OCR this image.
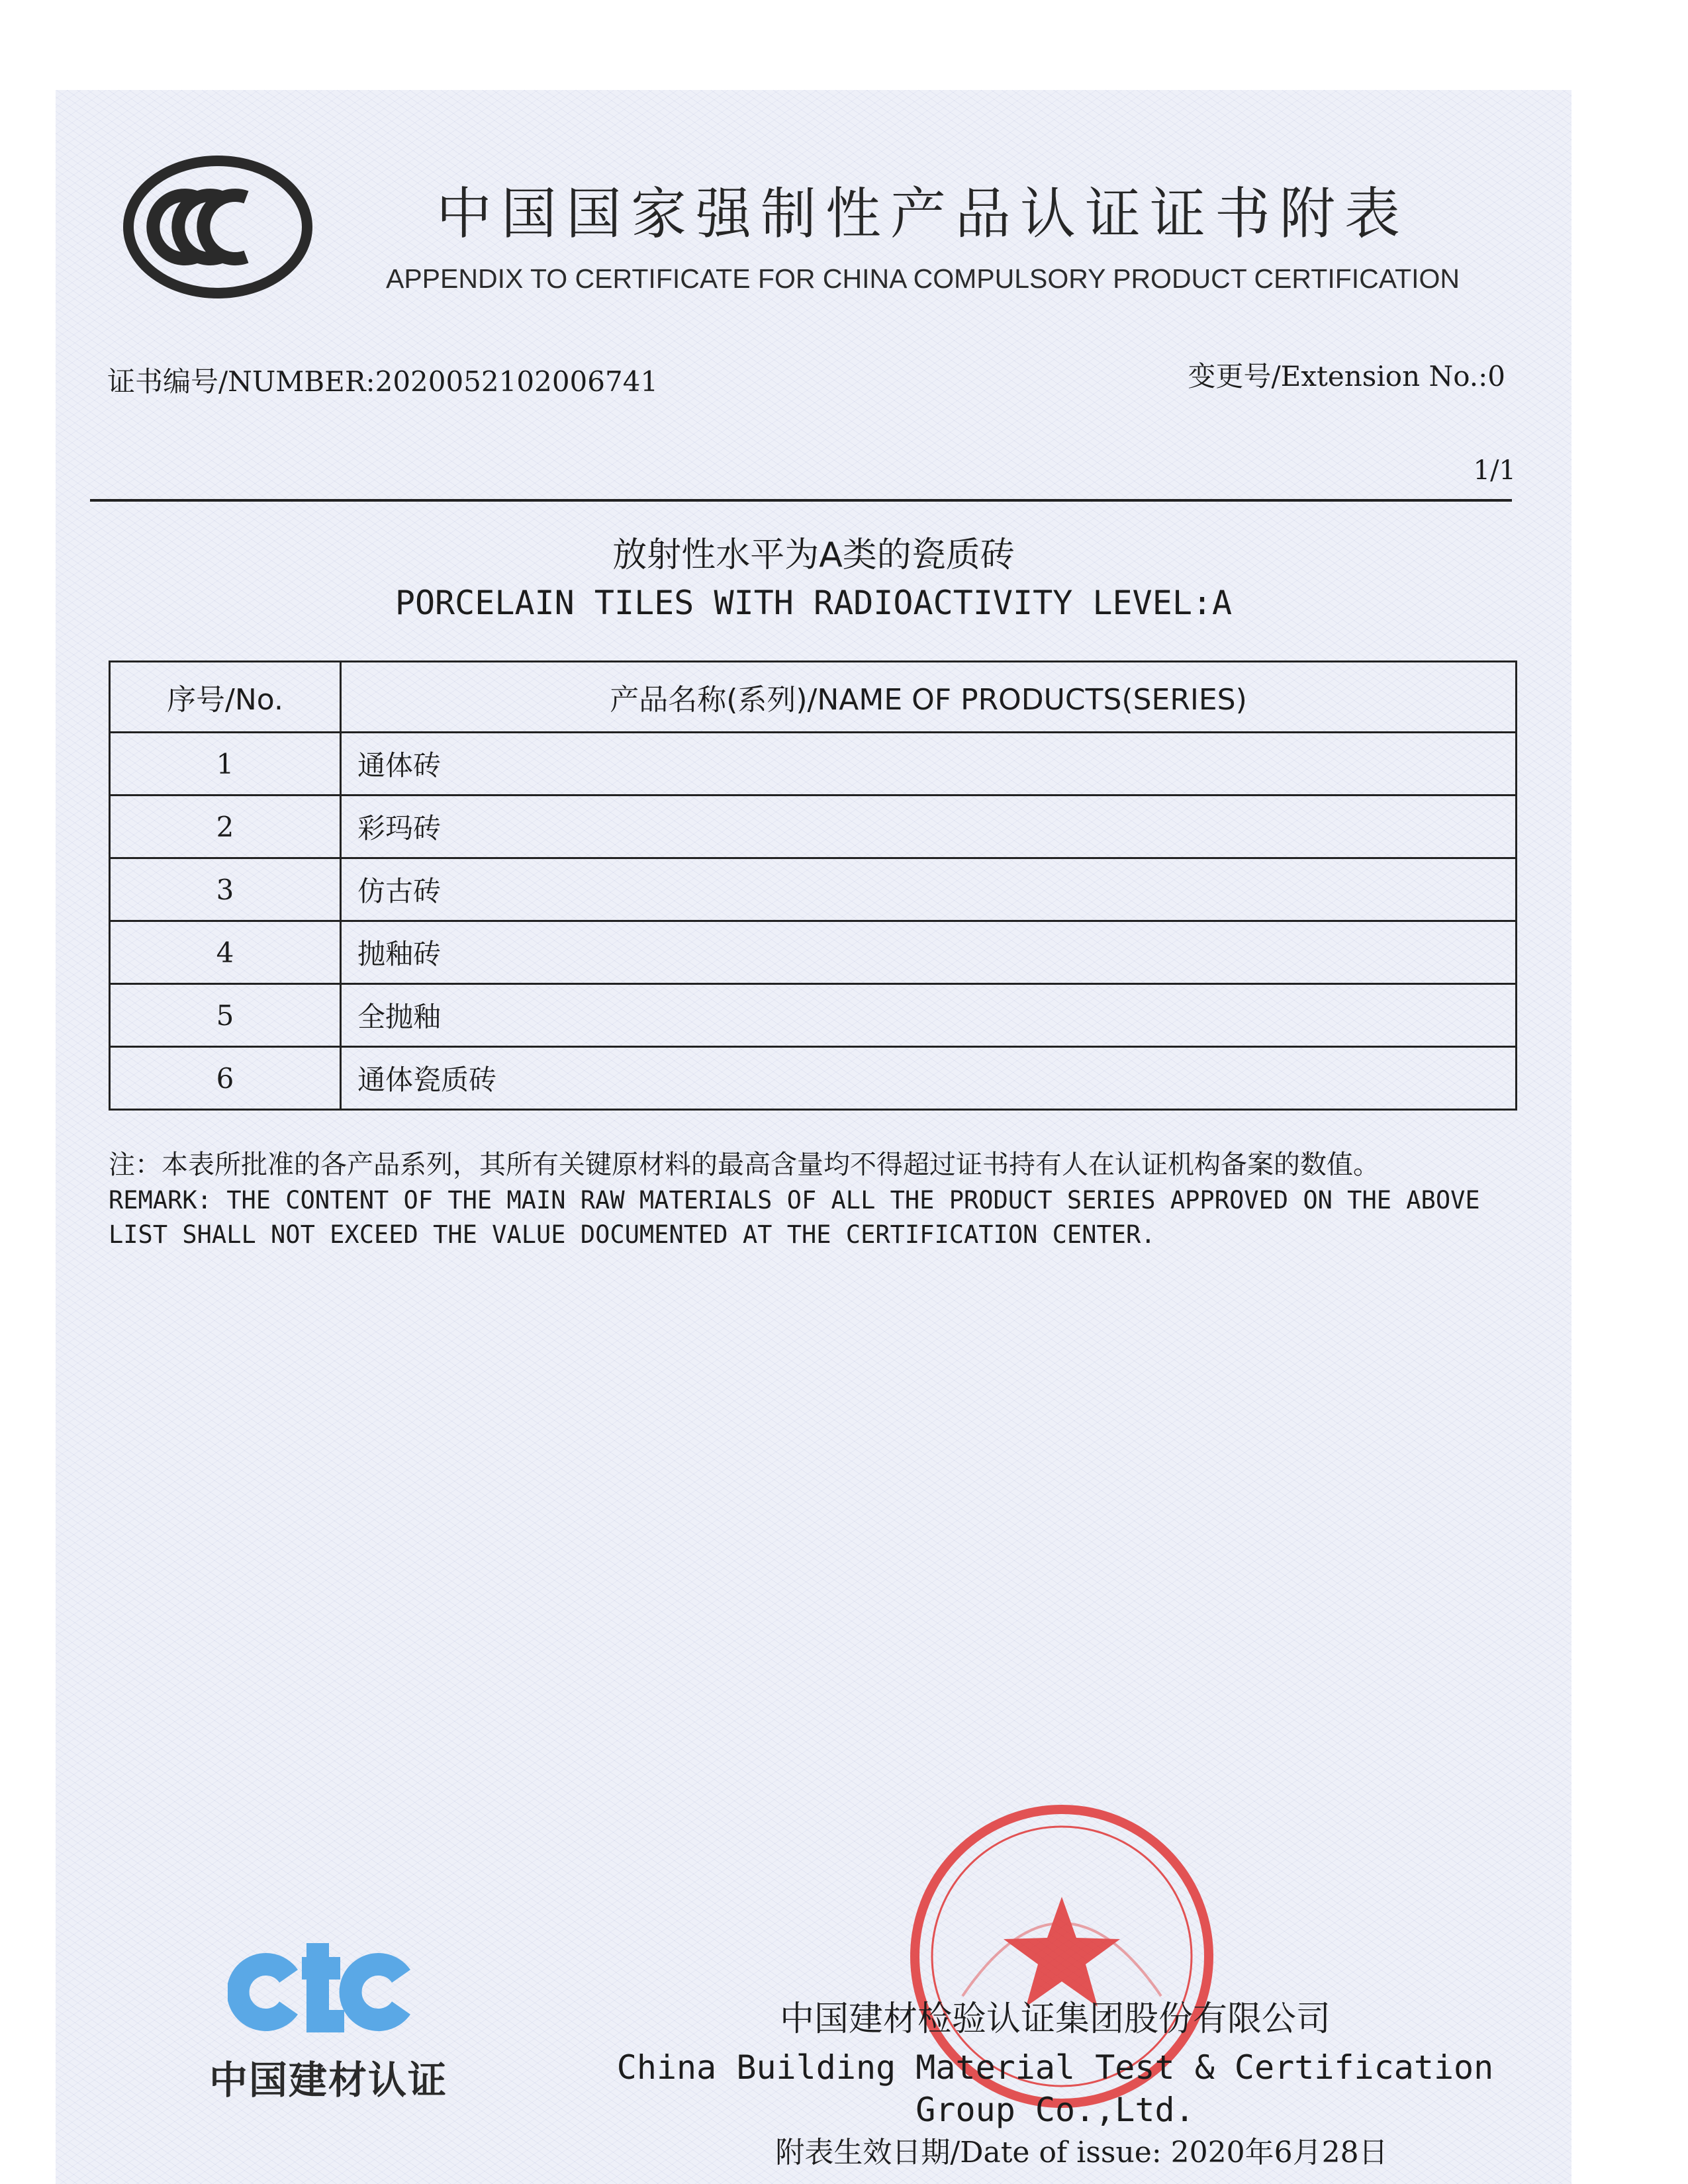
中国国家强制性产品认证证书附表
APPENDIX TO CERTIFICATE FOR CHINA COMPULSORY PRODUCT CERTIFICATION
证书编号/NUMBER:2020052102006741	变更号/Extension No.:0
1/1
放射性水平为A类的瓷质砖
PORCELAIN TILES WITH RADIOACTIVITY LEVEL:A
序号/No.	产品名称(系列)/NAME OF PRODUCTS(SERIES)
1	通体砖
2	彩玛砖
3	仿古砖
4	抛釉砖
5	全抛釉
6	通体瓷质砖
注：本表所批准的各产品系列，其所有关键原材料的最高含量均不得超过证书持有人在认证机构备案的数值。
REMARK: THE CONTENT OF THE MAIN RAW MATERIALS OF ALL THE PRODUCT SERIES APPROVED ON THE ABOVE LIST SHALL NOT EXCEED THE VALUE DOCUMENTED AT THE CERTIFICATION CENTER.
中国建材认证
中国建材检验认证集团股份有限公司
China Building Material Test & Certification Group Co.,Ltd.
附表生效日期/Date of issue: 2020年6月28日
